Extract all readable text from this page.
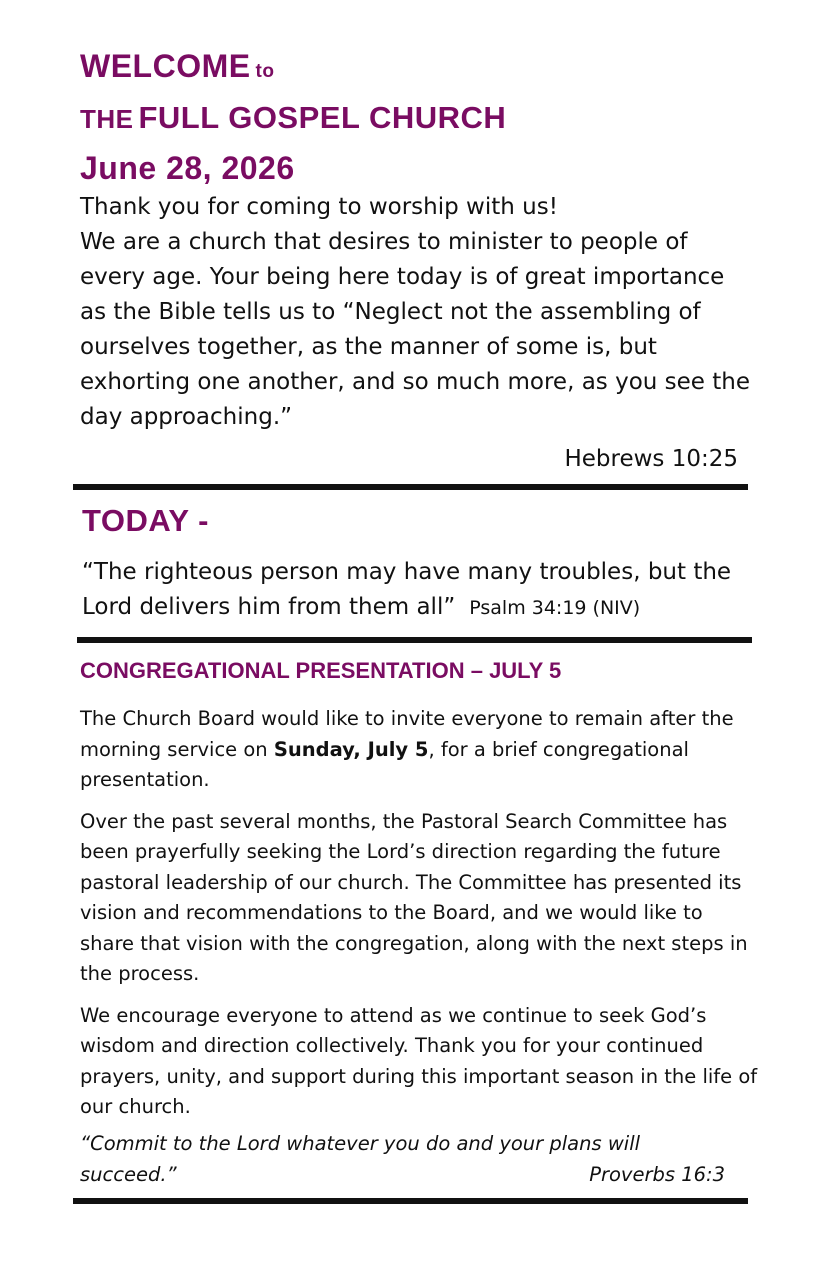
WELCOME to
THE FULL GOSPEL CHURCH
June 28, 2026

Thank you for coming to worship with us!

We are a church that desires to minister to people of every age. Your being here today is of great importance as the Bible tells us to “Neglect not the assembling of ourselves together, as the manner of some is, but exhorting one another, and so much more, as you see the day approaching.”

Hebrews 10:25
TODAY -
“The righteous person may have many troubles, but the Lord delivers him from them all” Psalm 34:19 (NIV)
CONGREGATIONAL PRESENTATION – JULY 5

The Church Board would like to invite everyone to remain after the morning service on Sunday, July 5, for a brief congregational presentation.

Over the past several months, the Pastoral Search Committee has been prayerfully seeking the Lord’s direction regarding the future pastoral leadership of our church. The Committee has presented its vision and recommendations to the Board, and we would like to share that vision with the congregation, along with the next steps in the process.

We encourage everyone to attend as we continue to seek God’s wisdom and direction collectively. Thank you for your continued prayers, unity, and support during this important season in the life of our church.

“Commit to the Lord whatever you do and your plans will succeed.”	Proverbs 16:3
